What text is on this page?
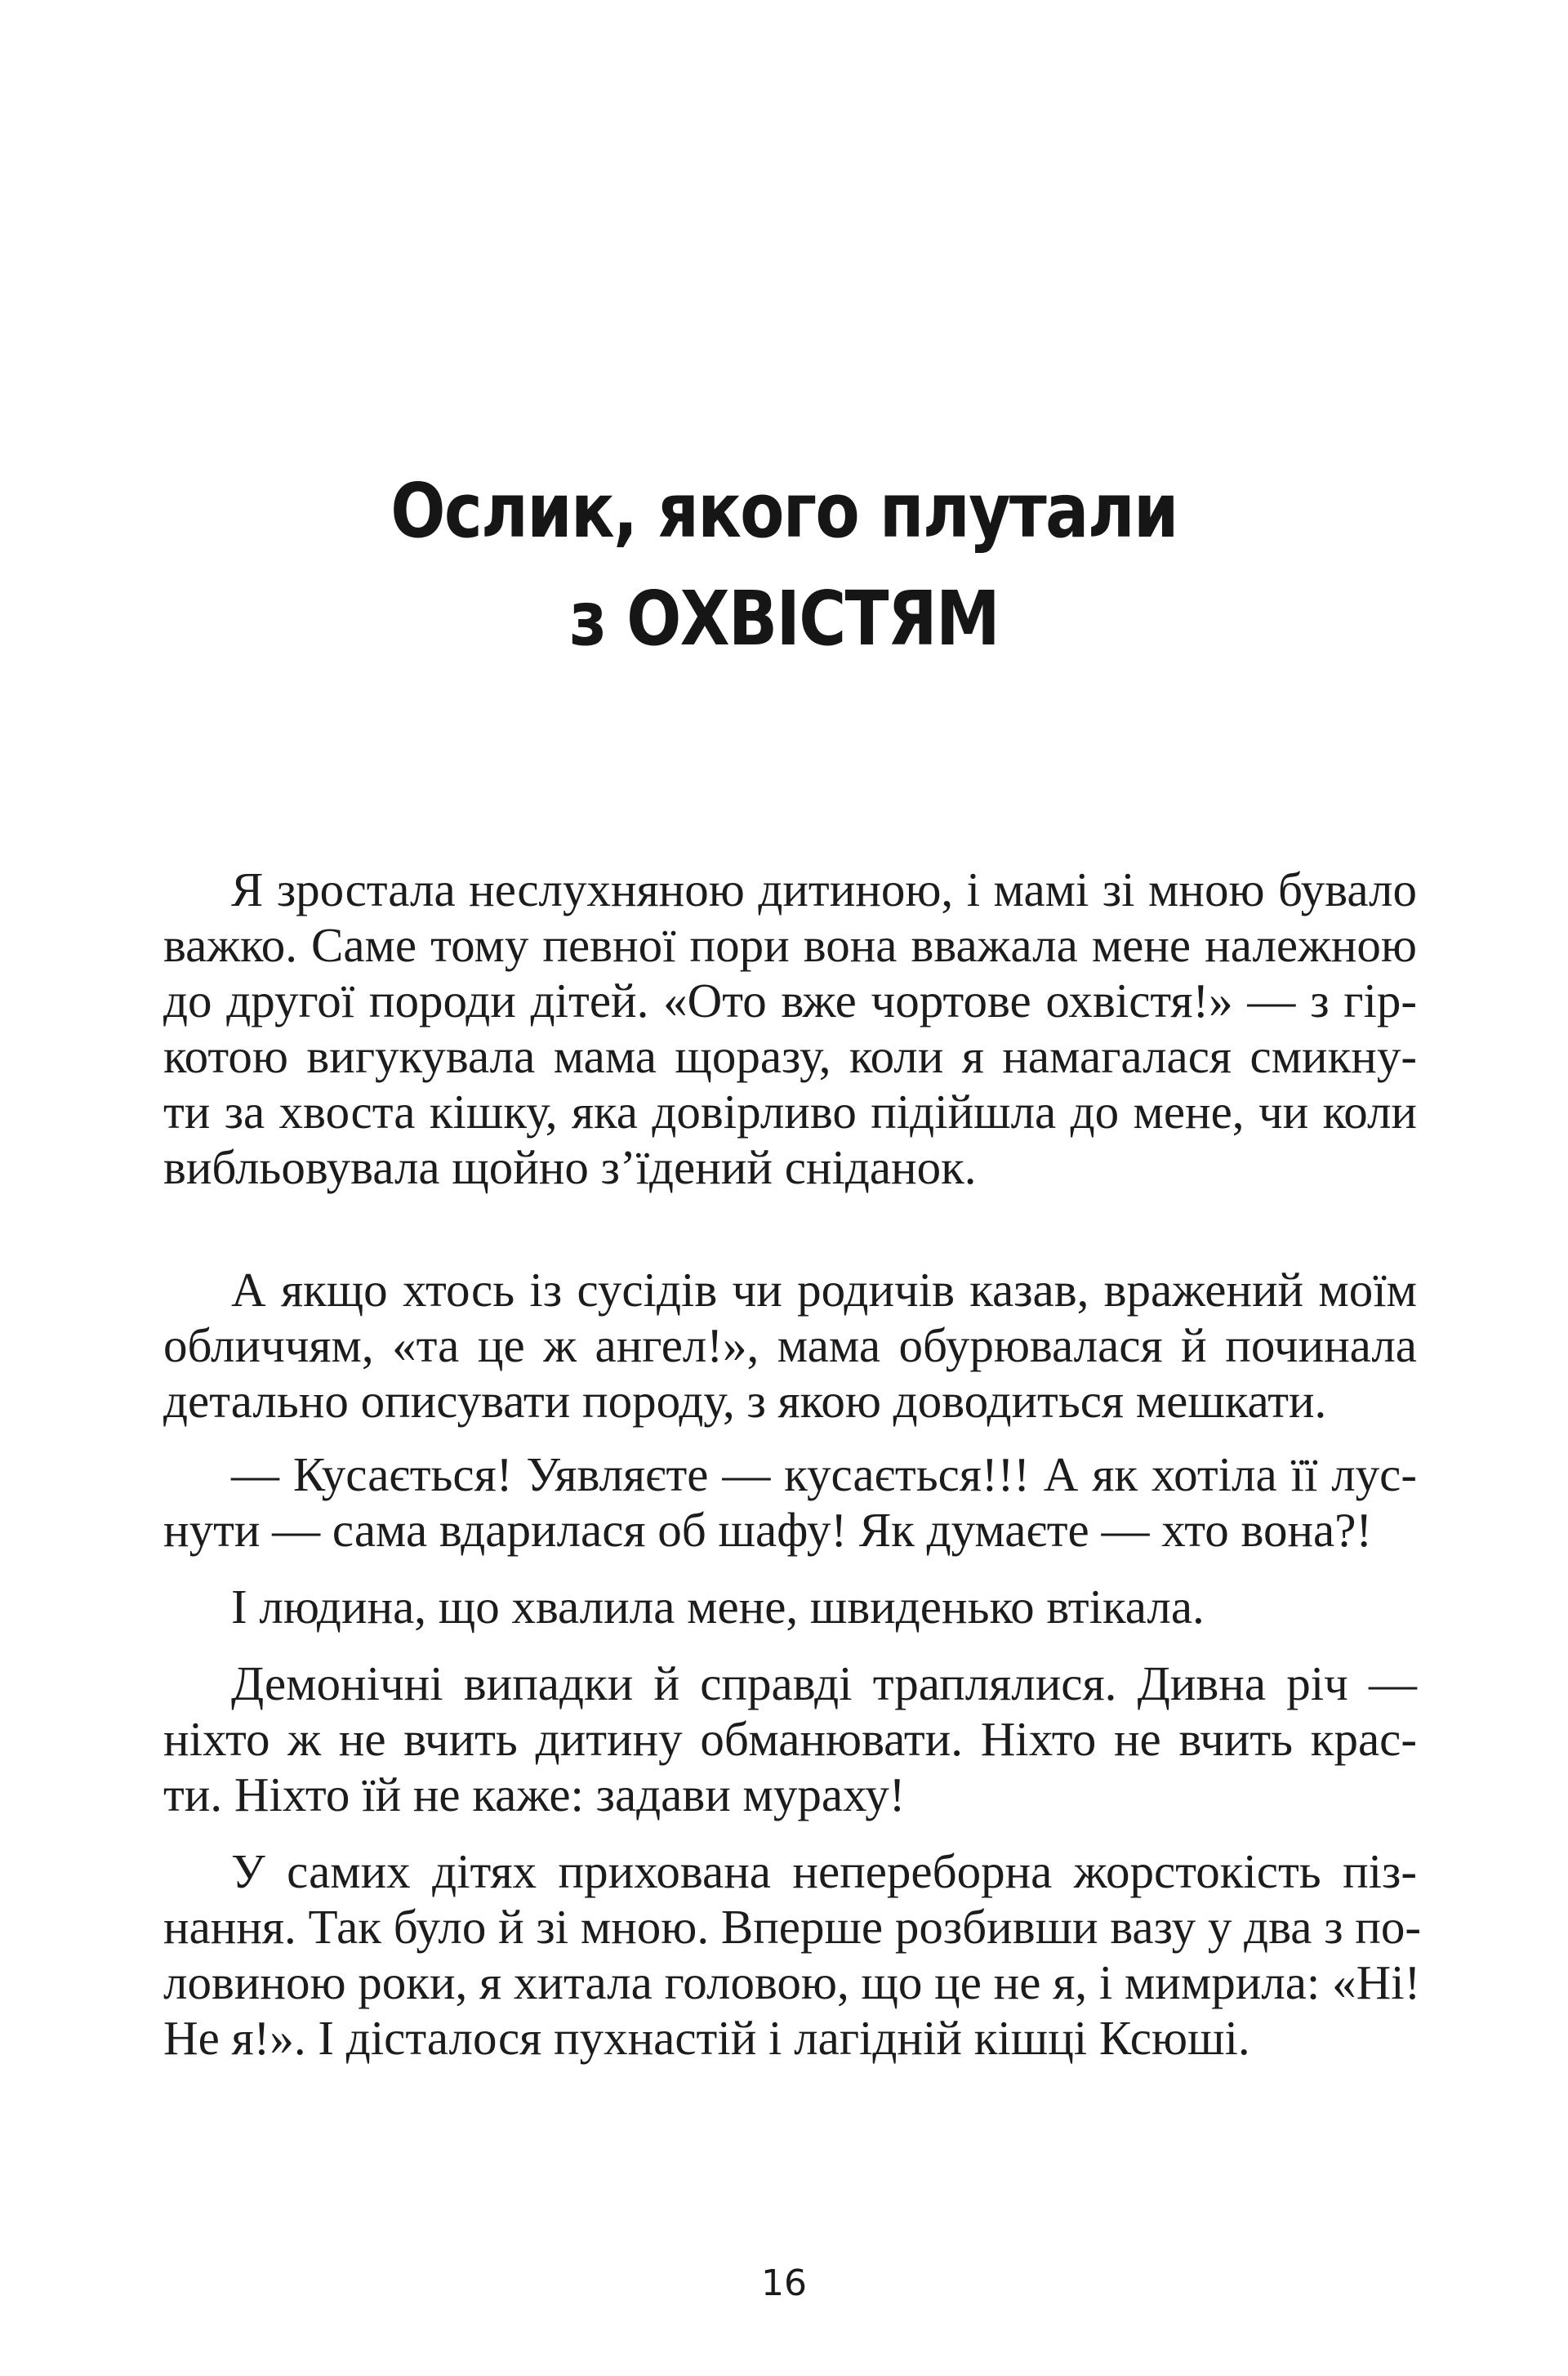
Ослик, якого плутали
з ОХВІСТЯМ
Я зростала неслухняною дитиною, і мамі зі мною бувало
важко. Саме тому певної пори вона вважала мене належною
до другої породи дітей. «Ото вже чортове охвістя!» — з гір-
котою вигукувала мама щоразу, коли я намагалася смикну-
ти за хвоста кішку, яка довірливо підійшла до мене, чи коли
вибльовувала щойно з’їдений сніданок.
А якщо хтось із сусідів чи родичів казав, вражений моїм
обличчям, «та це ж ангел!», мама обурювалася й починала
детально описувати породу, з якою доводиться мешкати.
— Кусається! Уявляєте — кусається!!! А як хотіла її лус-
нути — сама вдарилася об шафу! Як думаєте — хто вона?!
І людина, що хвалила мене, швиденько втікала.
Демонічні випадки й справді траплялися. Дивна річ —
ніхто ж не вчить дитину обманювати. Ніхто не вчить крас-
ти. Ніхто їй не каже: задави мураху!
У самих дітях прихована непереборна жорстокість піз-
нання. Так було й зі мною. Вперше розбивши вазу у два з по-
ловиною роки, я хитала головою, що це не я, і мимрила: «Ні!
Не я!». І дісталося пухнастій і лагідній кішці Ксюші.
16
